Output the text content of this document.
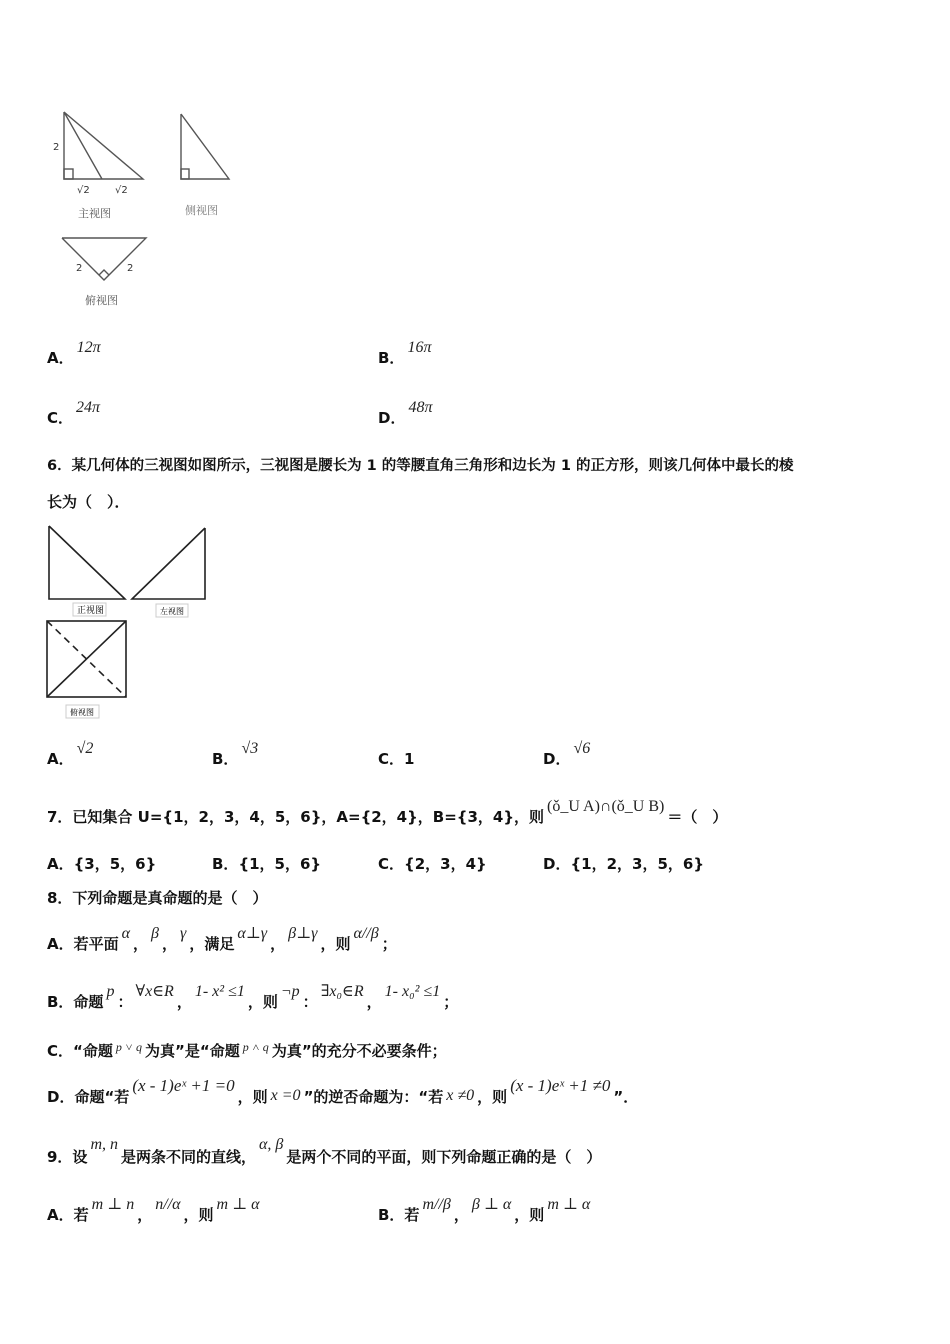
2
√2	√2
主视图	侧视图
2	2
俯视图
A．12π
B．16π
C．24π
D．48π
6．某几何体的三视图如图所示，三视图是腰长为 1 的等腰直角三角形和边长为 1 的正方形，则该几何体中最长的棱
长为（　）．
正视图	左视图
俯视图
A．√2
B．√3
C．1	D．√6
7．已知集合 U={1，2，3，4，5，6}，A={2，4}，B={3，4}，则(ǒ_U A)∩(ǒ_U B)＝（　）
A．{3，5，6}	B．{1，5，6}	C．{2，3，4}	D．{1，2，3，5，6}
8．下列命题是真命题的是（　）
A．若平面α，β，γ，满足α⊥γ，β⊥γ，则α//β；
B．命题p：∀x∈R，1- x² ≤1，则¬p：∃x₀∈R，1- x₀² ≤1；
C．“命题 $^{p ˅ q}$ 为真”是“命题 $^{p ˄ q}$ 为真”的充分不必要条件；
D．命题“若(x - 1)eˣ +1 =0，则 x =0 ”的逆否命题为：“若 x ≠0 ，则(x - 1)eˣ +1 ≠0”．
9．设m, n是两条不同的直线，α, β是两个不同的平面，则下列命题正确的是（　）
A．若m ⊥ n，n//α，则m ⊥ α
B．若m//β，β ⊥ α，则m ⊥ α
